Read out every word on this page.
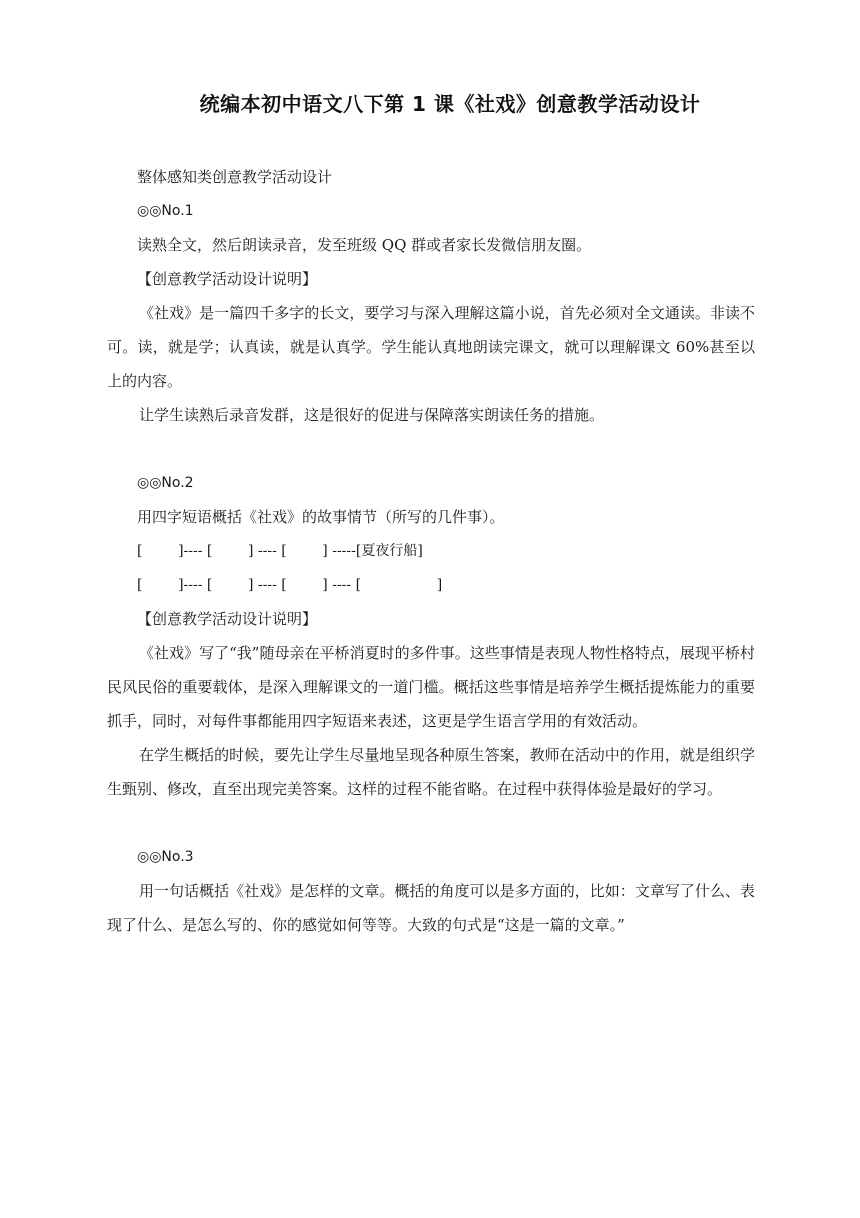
统编本初中语文八下第 1 课《社戏》创意教学活动设计
整体感知类创意教学活动设计
◎◎No.1
读熟全文，然后朗读录音，发至班级 QQ 群或者家长发微信朋友圈。
【创意教学活动设计说明】
《社戏》是一篇四千多字的长文，要学习与深入理解这篇小说，首先必须对全文通读。非读不可。读，就是学；认真读，就是认真学。学生能认真地朗读完课文，就可以理解课文 60%甚至以上的内容。
让学生读熟后录音发群，这是很好的促进与保障落实朗读任务的措施。
◎◎No.2
用四字短语概括《社戏》的故事情节（所写的几件事）。
[        ]---- [        ] ---- [        ] -----[夏夜行船]
[        ]---- [        ] ---- [        ] ---- [                 ]
【创意教学活动设计说明】
《社戏》写了“我”随母亲在平桥消夏时的多件事。这些事情是表现人物性格特点，展现平桥村民风民俗的重要载体，是深入理解课文的一道门槛。概括这些事情是培养学生概括提炼能力的重要抓手，同时，对每件事都能用四字短语来表述，这更是学生语言学用的有效活动。
在学生概括的时候，要先让学生尽量地呈现各种原生答案，教师在活动中的作用，就是组织学生甄别、修改，直至出现完美答案。这样的过程不能省略。在过程中获得体验是最好的学习。
◎◎No.3
用一句话概括《社戏》是怎样的文章。概括的角度可以是多方面的，比如：文章写了什么、表现了什么、是怎么写的、你的感觉如何等等。大致的句式是“这是一篇的文章。”
